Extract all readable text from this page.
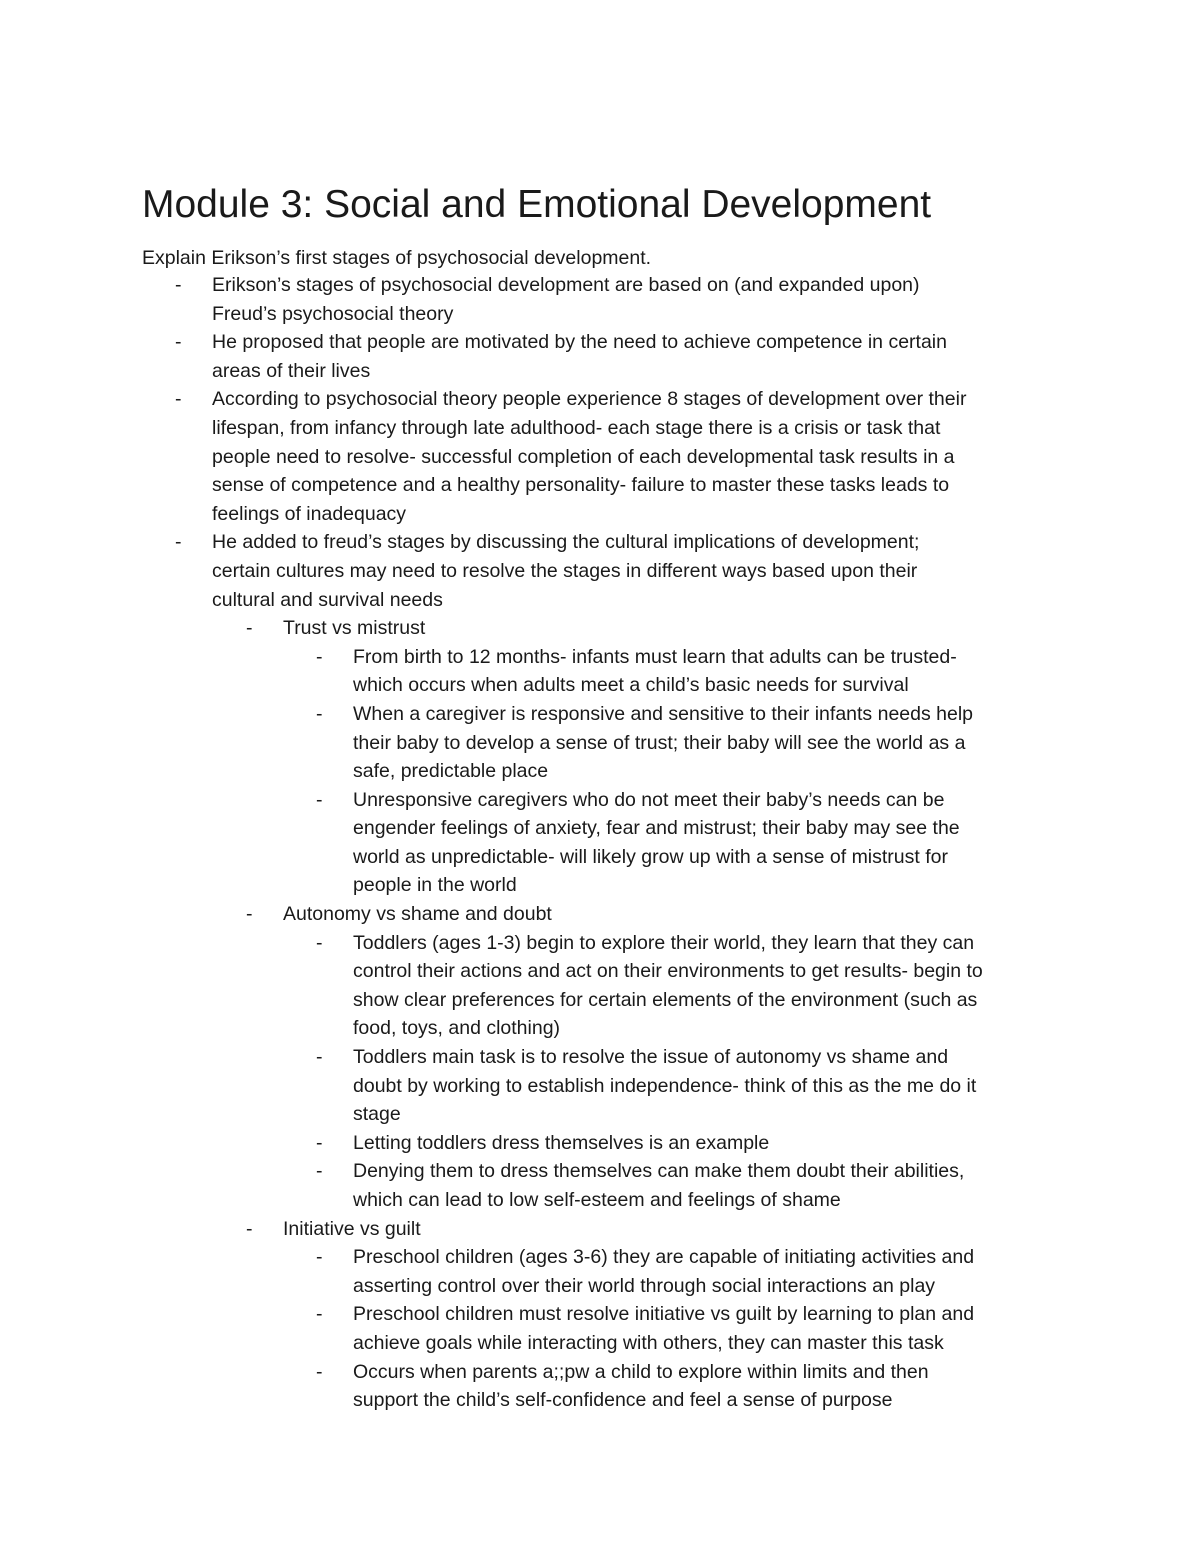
Module 3: Social and Emotional Development

Explain Erikson’s first stages of psychosocial development.

- Erikson’s stages of psychosocial development are based on (and expanded upon)
Freud’s psychosocial theory
- He proposed that people are motivated by the need to achieve competence in certain
areas of their lives
- According to psychosocial theory people experience 8 stages of development over their
lifespan, from infancy through late adulthood- each stage there is a crisis or task that
people need to resolve- successful completion of each developmental task results in a
sense of competence and a healthy personality- failure to master these tasks leads to
feelings of inadequacy
- He added to freud’s stages by discussing the cultural implications of development;
certain cultures may need to resolve the stages in different ways based upon their
cultural and survival needs
- Trust vs mistrust
- From birth to 12 months- infants must learn that adults can be trusted-
which occurs when adults meet a child’s basic needs for survival
- When a caregiver is responsive and sensitive to their infants needs help
their baby to develop a sense of trust; their baby will see the world as a
safe, predictable place
- Unresponsive caregivers who do not meet their baby’s needs can be
engender feelings of anxiety, fear and mistrust; their baby may see the
world as unpredictable- will likely grow up with a sense of mistrust for
people in the world
- Autonomy vs shame and doubt
- Toddlers (ages 1-3) begin to explore their world, they learn that they can
control their actions and act on their environments to get results- begin to
show clear preferences for certain elements of the environment (such as
food, toys, and clothing)
- Toddlers main task is to resolve the issue of autonomy vs shame and
doubt by working to establish independence- think of this as the me do it
stage
- Letting toddlers dress themselves is an example
- Denying them to dress themselves can make them doubt their abilities,
which can lead to low self-esteem and feelings of shame
- Initiative vs guilt
- Preschool children (ages 3-6) they are capable of initiating activities and
asserting control over their world through social interactions an play
- Preschool children must resolve initiative vs guilt by learning to plan and
achieve goals while interacting with others, they can master this task
- Occurs when parents a;;pw a child to explore within limits and then
support the child’s self-confidence and feel a sense of purpose
